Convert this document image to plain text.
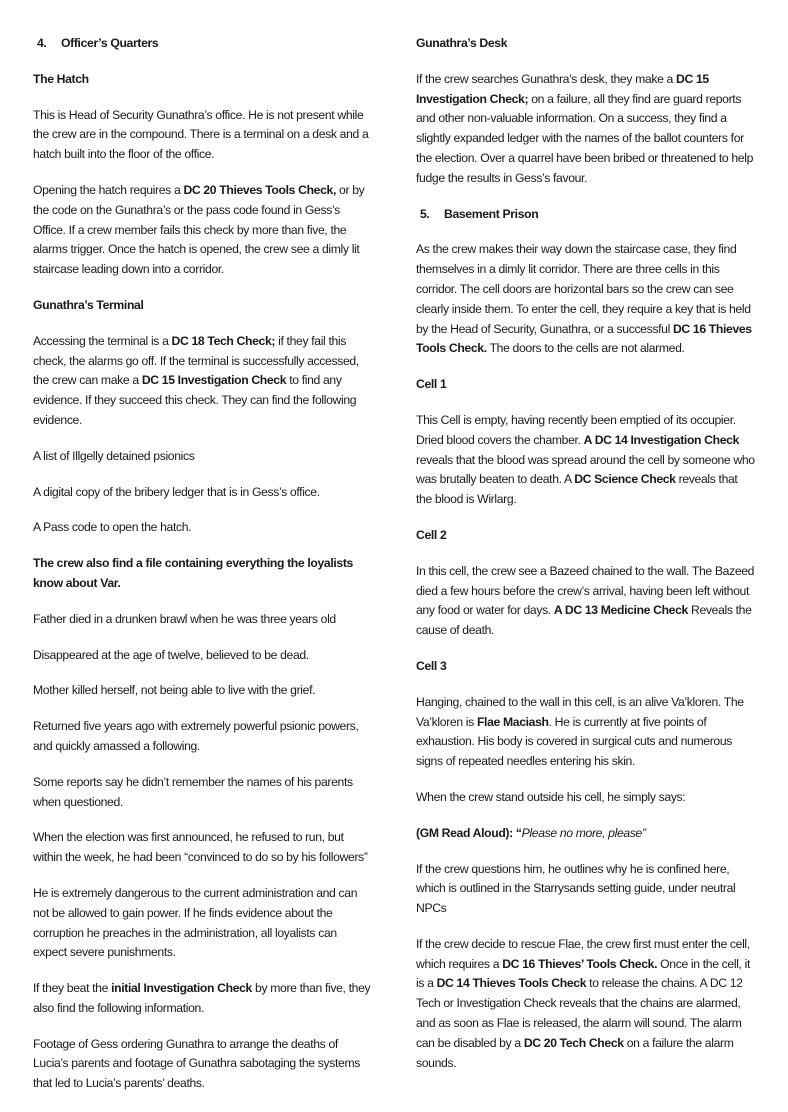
4. Officer’s Quarters

The Hatch

This is Head of Security Gunathra’s office. He is not present while the crew are in the compound. There is a terminal on a desk and a hatch built into the floor of the office.

Opening the hatch requires a DC 20 Thieves Tools Check, or by the code on the Gunathra’s or the pass code found in Gess’s Office. If a crew member fails this check by more than five, the alarms trigger. Once the hatch is opened, the crew see a dimly lit staircase leading down into a corridor.

Gunathra’s Terminal

Accessing the terminal is a DC 18 Tech Check; if they fail this check, the alarms go off. If the terminal is successfully accessed, the crew can make a DC 15 Investigation Check to find any evidence. If they succeed this check. They can find the following evidence.

A list of Illgelly detained psionics

A digital copy of the bribery ledger that is in Gess’s office.

A Pass code to open the hatch.

The crew also find a file containing everything the loyalists know about Var.

Father died in a drunken brawl when he was three years old

Disappeared at the age of twelve, believed to be dead.

Mother killed herself, not being able to live with the grief.

Returned five years ago with extremely powerful psionic powers, and quickly amassed a following.

Some reports say he didn’t remember the names of his parents when questioned.

When the election was first announced, he refused to run, but within the week, he had been “convinced to do so by his followers”

He is extremely dangerous to the current administration and can not be allowed to gain power. If he finds evidence about the corruption he preaches in the administration, all loyalists can expect severe punishments.

If they beat the initial Investigation Check by more than five, they also find the following information.

Footage of Gess ordering Gunathra to arrange the deaths of Lucia’s parents and footage of Gunathra sabotaging the systems that led to Lucia’s parents’ deaths.

Gunathra’s Desk

If the crew searches Gunathra’s desk, they make a DC 15 Investigation Check; on a failure, all they find are guard reports and other non-valuable information. On a success, they find a slightly expanded ledger with the names of the ballot counters for the election. Over a quarrel have been bribed or threatened to help fudge the results in Gess’s favour.

5. Basement Prison

As the crew makes their way down the staircase case, they find themselves in a dimly lit corridor. There are three cells in this corridor. The cell doors are horizontal bars so the crew can see clearly inside them. To enter the cell, they require a key that is held by the Head of Security, Gunathra, or a successful DC 16 Thieves Tools Check. The doors to the cells are not alarmed.

Cell 1

This Cell is empty, having recently been emptied of its occupier. Dried blood covers the chamber. A DC 14 Investigation Check reveals that the blood was spread around the cell by someone who was brutally beaten to death. A DC Science Check reveals that the blood is Wirlarg.

Cell 2

In this cell, the crew see a Bazeed chained to the wall. The Bazeed died a few hours before the crew’s arrival, having been left without any food or water for days. A DC 13 Medicine Check Reveals the cause of death.

Cell 3

Hanging, chained to the wall in this cell, is an alive Va’kloren. The Va’kloren is Flae Maciash. He is currently at five points of exhaustion. His body is covered in surgical cuts and numerous signs of repeated needles entering his skin.

When the crew stand outside his cell, he simply says:

(GM Read Aloud): “Please no more, please”

If the crew questions him, he outlines why he is confined here, which is outlined in the Starrysands setting guide, under neutral NPCs

If the crew decide to rescue Flae, the crew first must enter the cell, which requires a DC 16 Thieves’ Tools Check. Once in the cell, it is a DC 14 Thieves Tools Check to release the chains. A DC 12 Tech or Investigation Check reveals that the chains are alarmed, and as soon as Flae is released, the alarm will sound. The alarm can be disabled by a DC 20 Tech Check on a failure the alarm sounds.
